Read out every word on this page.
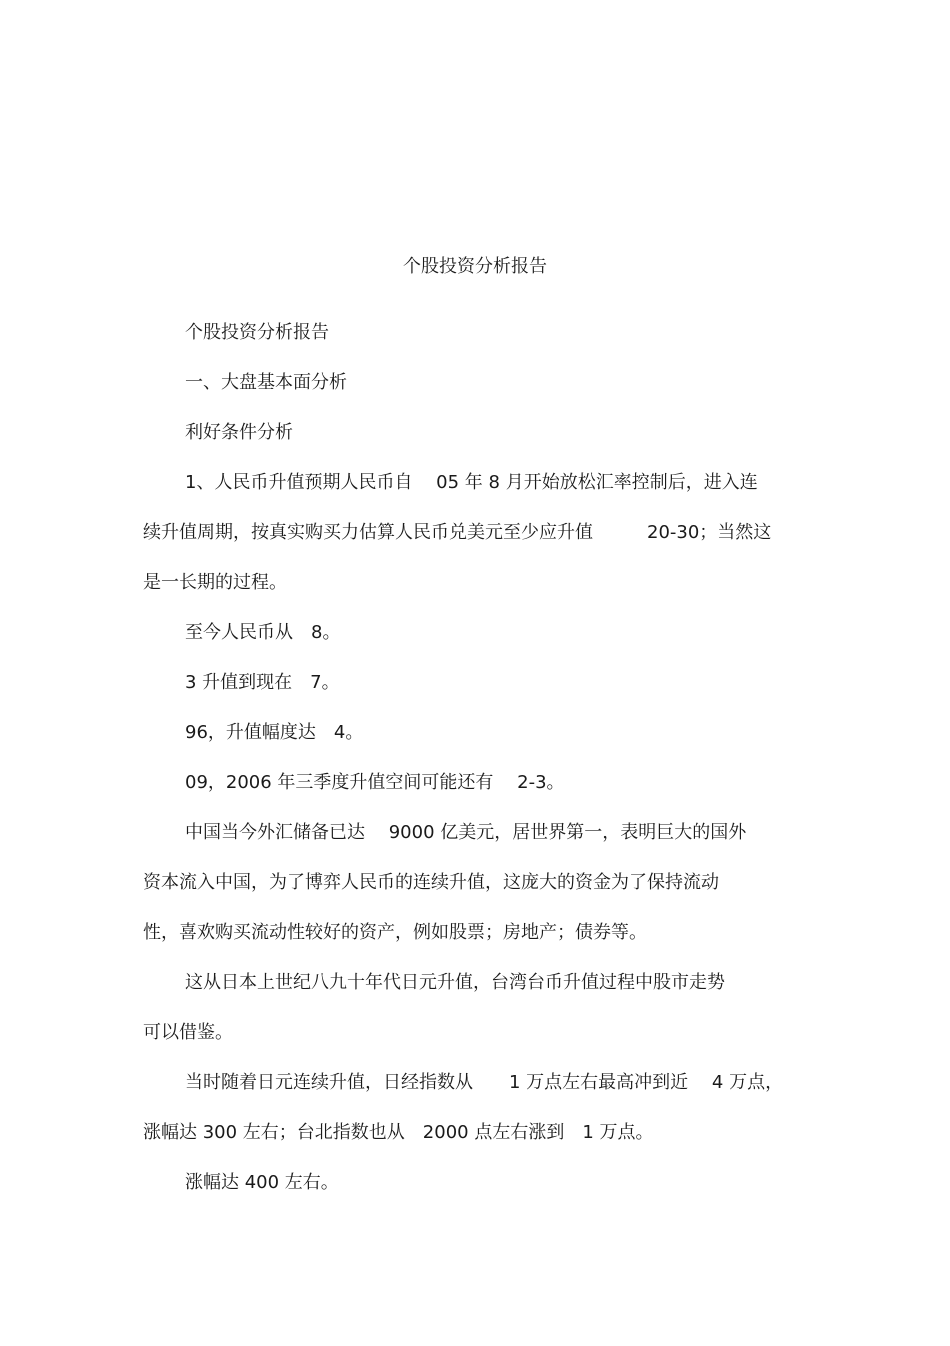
个股投资分析报告

个股投资分析报告

一、大盘基本面分析

利好条件分析

1、人民币升值预期人民币自　 05 年 8 月开始放松汇率控制后，进入连

续升值周期，按真实购买力估算人民币兑美元至少应升值　　　20-30；当然这

是一长期的过程。

至今人民币从　8。

3 升值到现在　7。

96，升值幅度达　4。

09，2006 年三季度升值空间可能还有　 2-3。

中国当今外汇储备已达　 9000 亿美元，居世界第一，表明巨大的国外

资本流入中国，为了博弈人民币的连续升值，这庞大的资金为了保持流动

性，喜欢购买流动性较好的资产，例如股票；房地产；债券等。

这从日本上世纪八九十年代日元升值，台湾台币升值过程中股市走势

可以借鉴。

当时随着日元连续升值，日经指数从　　1 万点左右最高冲到近　 4 万点，

涨幅达 300 左右；台北指数也从　2000 点左右涨到　1 万点。

涨幅达 400 左右。
